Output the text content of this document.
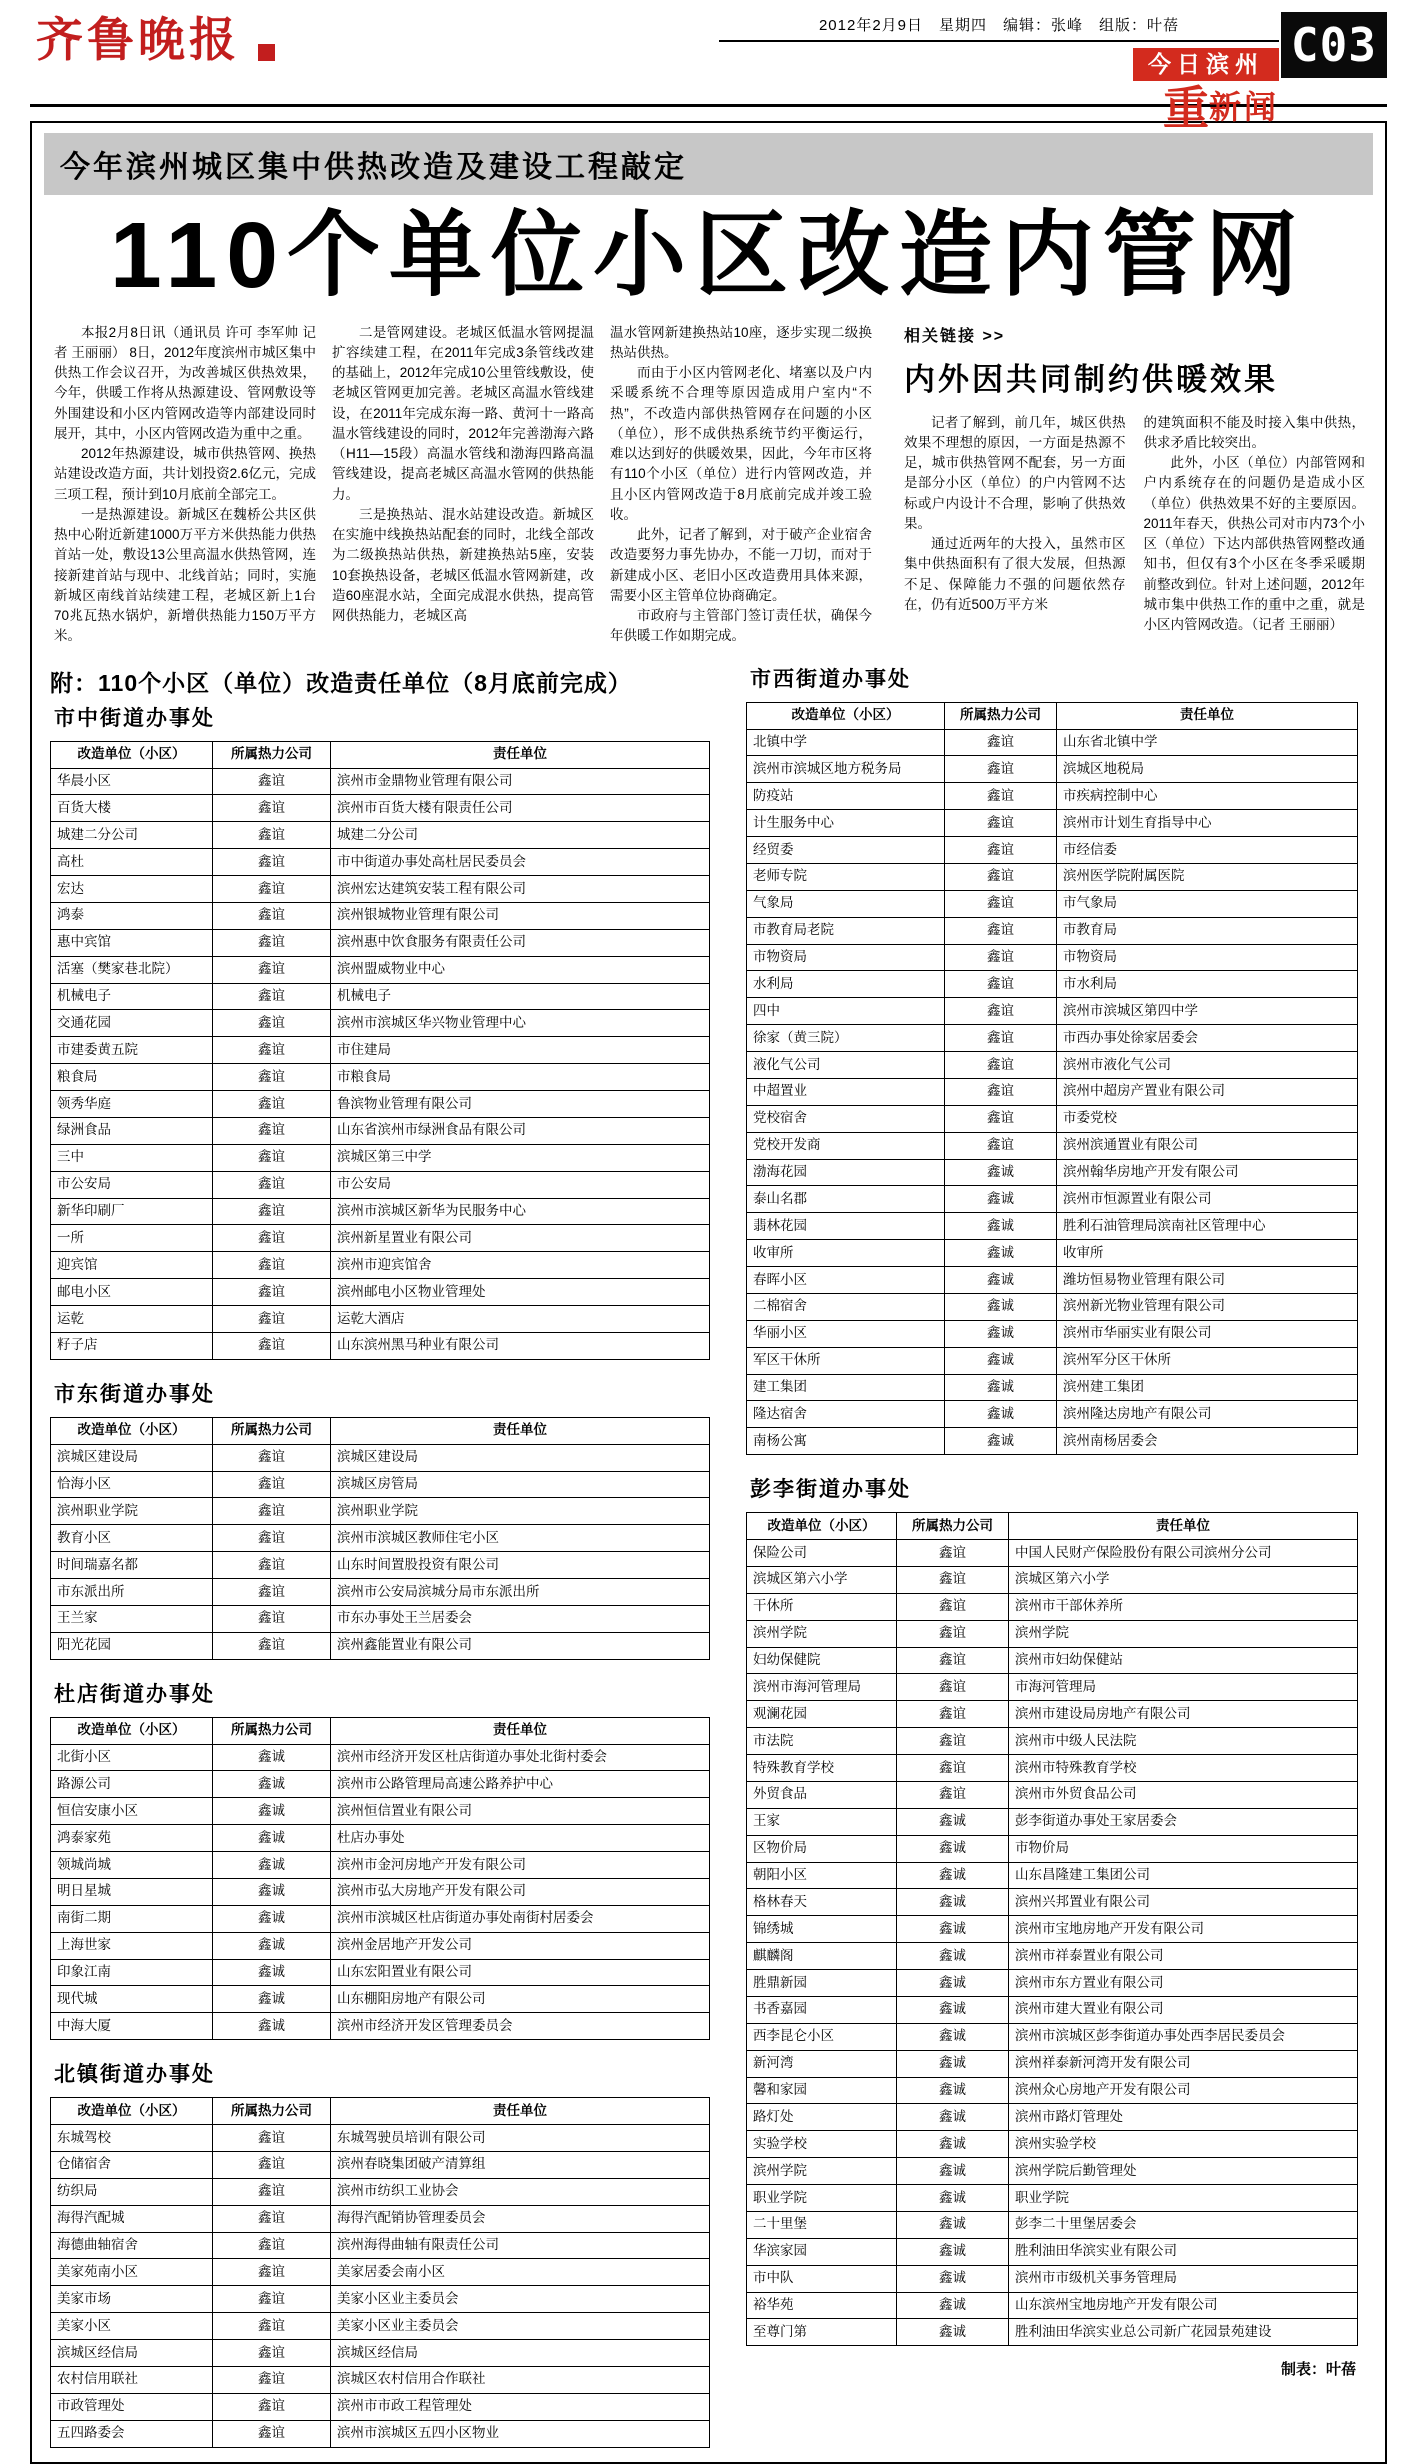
齐鲁晚报	2012年2月9日　星期四　编辑：张峰　组版：叶蓓
今日滨州
重新闻
C03
今年滨州城区集中供热改造及建设工程敲定
110个单位小区改造内管网

本报2月8日讯（通讯员 许可 李军帅 记者 王丽丽） 8日，2012年度滨州市城区集中供热工作会议召开，为改善城区供热效果，今年，供暖工作将从热源建设、管网敷设等外围建设和小区内管网改造等内部建设同时展开，其中，小区内管网改造为重中之重。

2012年热源建设，城市供热管网、换热站建设改造方面，共计划投资2.6亿元，完成三项工程，预计到10月底前全部完工。

一是热源建设。新城区在魏桥公共区供热中心附近新建1000万平方米供热能力供热首站一处，敷设13公里高温水供热管网，连接新建首站与现中、北线首站；同时，实施新城区南线首站续建工程，老城区新上1台70兆瓦热水锅炉，新增供热能力150万平方米。

二是管网建设。老城区低温水管网提温扩容续建工程，在2011年完成3条管线改建的基础上，2012年完成10公里管线敷设，使老城区管网更加完善。老城区高温水管线建设，在2011年完成东海一路、黄河十一路高温水管线建设的同时，2012年完善渤海六路（H11—15段）高温水管线和渤海四路高温管线建设，提高老城区高温水管网的供热能力。

三是换热站、混水站建设改造。新城区在实施中线换热站配套的同时，北线全部改为二级换热站供热，新建换热站5座，安装10套换热设备，老城区低温水管网新建，改造60座混水站，全面完成混水供热，提高管网供热能力，老城区高

温水管网新建换热站10座，逐步实现二级换热站供热。

而由于小区内管网老化、堵塞以及户内采暖系统不合理等原因造成用户室内“不热”，不改造内部供热管网存在问题的小区（单位），形不成供热系统节约平衡运行，难以达到好的供暖效果，因此，今年市区将有110个小区（单位）进行内管网改造，并且小区内管网改造于8月底前完成并竣工验收。

此外，记者了解到，对于破产企业宿舍改造要努力事先协办，不能一刀切，而对于新建成小区、老旧小区改造费用具体来源，需要小区主管单位协商确定。

市政府与主管部门签订责任状，确保今年供暖工作如期完成。

相关链接 >>
内外因共同制约供暖效果

记者了解到，前几年，城区供热效果不理想的原因，一方面是热源不足，城市供热管网不配套，另一方面是部分小区（单位）的户内管网不达标或户内设计不合理，影响了供热效果。

通过近两年的大投入，虽然市区集中供热面积有了很大发展，但热源不足、保障能力不强的问题依然存在，仍有近500万平方米

的建筑面积不能及时接入集中供热，供求矛盾比较突出。

此外，小区（单位）内部管网和户内系统存在的问题仍是造成小区（单位）供热效果不好的主要原因。2011年春天，供热公司对市内73个小区（单位）下达内部供热管网整改通知书，但仅有3个小区在冬季采暖期前整改到位。针对上述问题，2012年城市集中供热工作的重中之重，就是小区内管网改造。（记者 王丽丽）

附：110个小区（单位）改造责任单位（8月底前完成）
市中街道办事处
改造单位（小区）	所属热力公司	责任单位
华晨小区	鑫谊	滨州市金鼎物业管理有限公司
百货大楼	鑫谊	滨州市百货大楼有限责任公司
城建二分公司	鑫谊	城建二分公司
高杜	鑫谊	市中街道办事处高杜居民委员会
宏达	鑫谊	滨州宏达建筑安装工程有限公司
鸿泰	鑫谊	滨州银城物业管理有限公司
惠中宾馆	鑫谊	滨州惠中饮食服务有限责任公司
活塞（樊家巷北院）	鑫谊	滨州盟威物业中心
机械电子	鑫谊	机械电子
交通花园	鑫谊	滨州市滨城区华兴物业管理中心
市建委黄五院	鑫谊	市住建局
粮食局	鑫谊	市粮食局
领秀华庭	鑫谊	鲁滨物业管理有限公司
绿洲食品	鑫谊	山东省滨州市绿洲食品有限公司
三中	鑫谊	滨城区第三中学
市公安局	鑫谊	市公安局
新华印刷厂	鑫谊	滨州市滨城区新华为民服务中心
一所	鑫谊	滨州新星置业有限公司
迎宾馆	鑫谊	滨州市迎宾馆舍
邮电小区	鑫谊	滨州邮电小区物业管理处
运乾	鑫谊	运乾大酒店
籽子店	鑫谊	山东滨州黑马种业有限公司
市东街道办事处
改造单位（小区）	所属热力公司	责任单位
滨城区建设局	鑫谊	滨城区建设局
恰海小区	鑫谊	滨城区房管局
滨州职业学院	鑫谊	滨州职业学院
教育小区	鑫谊	滨州市滨城区教师住宅小区
时间瑞嘉名都	鑫谊	山东时间置股投资有限公司
市东派出所	鑫谊	滨州市公安局滨城分局市东派出所
王兰家	鑫谊	市东办事处王兰居委会
阳光花园	鑫谊	滨州鑫能置业有限公司
杜店街道办事处
改造单位（小区）	所属热力公司	责任单位
北街小区	鑫诚	滨州市经济开发区杜店街道办事处北街村委会
路源公司	鑫诚	滨州市公路管理局高速公路养护中心
恒信安康小区	鑫诚	滨州恒信置业有限公司
鸿泰家苑	鑫诚	杜店办事处
领城尚城	鑫诚	滨州市金河房地产开发有限公司
明日星城	鑫诚	滨州市弘大房地产开发有限公司
南街二期	鑫诚	滨州市滨城区杜店街道办事处南街村居委会
上海世家	鑫诚	滨州金居地产开发公司
印象江南	鑫诚	山东宏阳置业有限公司
现代城	鑫诚	山东棚阳房地产有限公司
中海大厦	鑫诚	滨州市经济开发区管理委员会
北镇街道办事处
改造单位（小区）	所属热力公司	责任单位
东城驾校	鑫谊	东城驾驶员培训有限公司
仓储宿舍	鑫谊	滨州春晓集团破产清算组
纺织局	鑫谊	滨州市纺织工业协会
海得汽配城	鑫谊	海得汽配销协管理委员会
海德曲轴宿舍	鑫谊	滨州海得曲轴有限责任公司
美家苑南小区	鑫谊	美家居委会南小区
美家市场	鑫谊	美家小区业主委员会
美家小区	鑫谊	美家小区业主委员会
滨城区经信局	鑫谊	滨城区经信局
农村信用联社	鑫谊	滨城区农村信用合作联社
市政管理处	鑫谊	滨州市市政工程管理处
五四路委会	鑫谊	滨州市滨城区五四小区物业
市西街道办事处
改造单位（小区）	所属热力公司	责任单位
北镇中学	鑫谊	山东省北镇中学
滨州市滨城区地方税务局	鑫谊	滨城区地税局
防疫站	鑫谊	市疾病控制中心
计生服务中心	鑫谊	滨州市计划生育指导中心
经贸委	鑫谊	市经信委
老师专院	鑫谊	滨州医学院附属医院
气象局	鑫谊	市气象局
市教育局老院	鑫谊	市教育局
市物资局	鑫谊	市物资局
水利局	鑫谊	市水利局
四中	鑫谊	滨州市滨城区第四中学
徐家（黄三院）	鑫谊	市西办事处徐家居委会
液化气公司	鑫谊	滨州市液化气公司
中超置业	鑫谊	滨州中超房产置业有限公司
党校宿舍	鑫谊	市委党校
党校开发商	鑫谊	滨州滨通置业有限公司
渤海花园	鑫诚	滨州翰华房地产开发有限公司
泰山名郡	鑫诚	滨州市恒源置业有限公司
翡林花园	鑫诚	胜利石油管理局滨南社区管理中心
收审所	鑫诚	收审所
春晖小区	鑫诚	潍坊恒易物业管理有限公司
二棉宿舍	鑫诚	滨州新光物业管理有限公司
华丽小区	鑫诚	滨州市华丽实业有限公司
军区干休所	鑫诚	滨州军分区干休所
建工集团	鑫诚	滨州建工集团
隆达宿舍	鑫诚	滨州隆达房地产有限公司
南杨公寓	鑫诚	滨州南杨居委会
彭李街道办事处
改造单位（小区）	所属热力公司	责任单位
保险公司	鑫谊	中国人民财产保险股份有限公司滨州分公司
滨城区第六小学	鑫谊	滨城区第六小学
干休所	鑫谊	滨州市干部休养所
滨州学院	鑫谊	滨州学院
妇幼保健院	鑫谊	滨州市妇幼保健站
滨州市海河管理局	鑫谊	市海河管理局
观澜花园	鑫谊	滨州市建设局房地产有限公司
市法院	鑫谊	滨州市中级人民法院
特殊教育学校	鑫谊	滨州市特殊教育学校
外贸食品	鑫谊	滨州市外贸食品公司
王家	鑫诚	彭李街道办事处王家居委会
区物价局	鑫诚	市物价局
朝阳小区	鑫诚	山东昌隆建工集团公司
格林春天	鑫诚	滨州兴邦置业有限公司
锦绣城	鑫诚	滨州市宝地房地产开发有限公司
麒麟阁	鑫诚	滨州市祥泰置业有限公司
胜鼎新园	鑫诚	滨州市东方置业有限公司
书香嘉园	鑫诚	滨州市建大置业有限公司
西李昆仑小区	鑫诚	滨州市滨城区彭李街道办事处西李居民委员会
新河湾	鑫诚	滨州祥泰新河湾开发有限公司
馨和家园	鑫诚	滨州众心房地产开发有限公司
路灯处	鑫诚	滨州市路灯管理处
实验学校	鑫诚	滨州实验学校
滨州学院	鑫诚	滨州学院后勤管理处
职业学院	鑫诚	职业学院
二十里堡	鑫诚	彭李二十里堡居委会
华滨家园	鑫诚	胜利油田华滨实业有限公司
市中队	鑫诚	滨州市市级机关事务管理局
裕华苑	鑫诚	山东滨州宝地房地产开发有限公司
至尊门第	鑫诚	胜利油田华滨实业总公司新广花园景苑建设
制表：叶蓓
